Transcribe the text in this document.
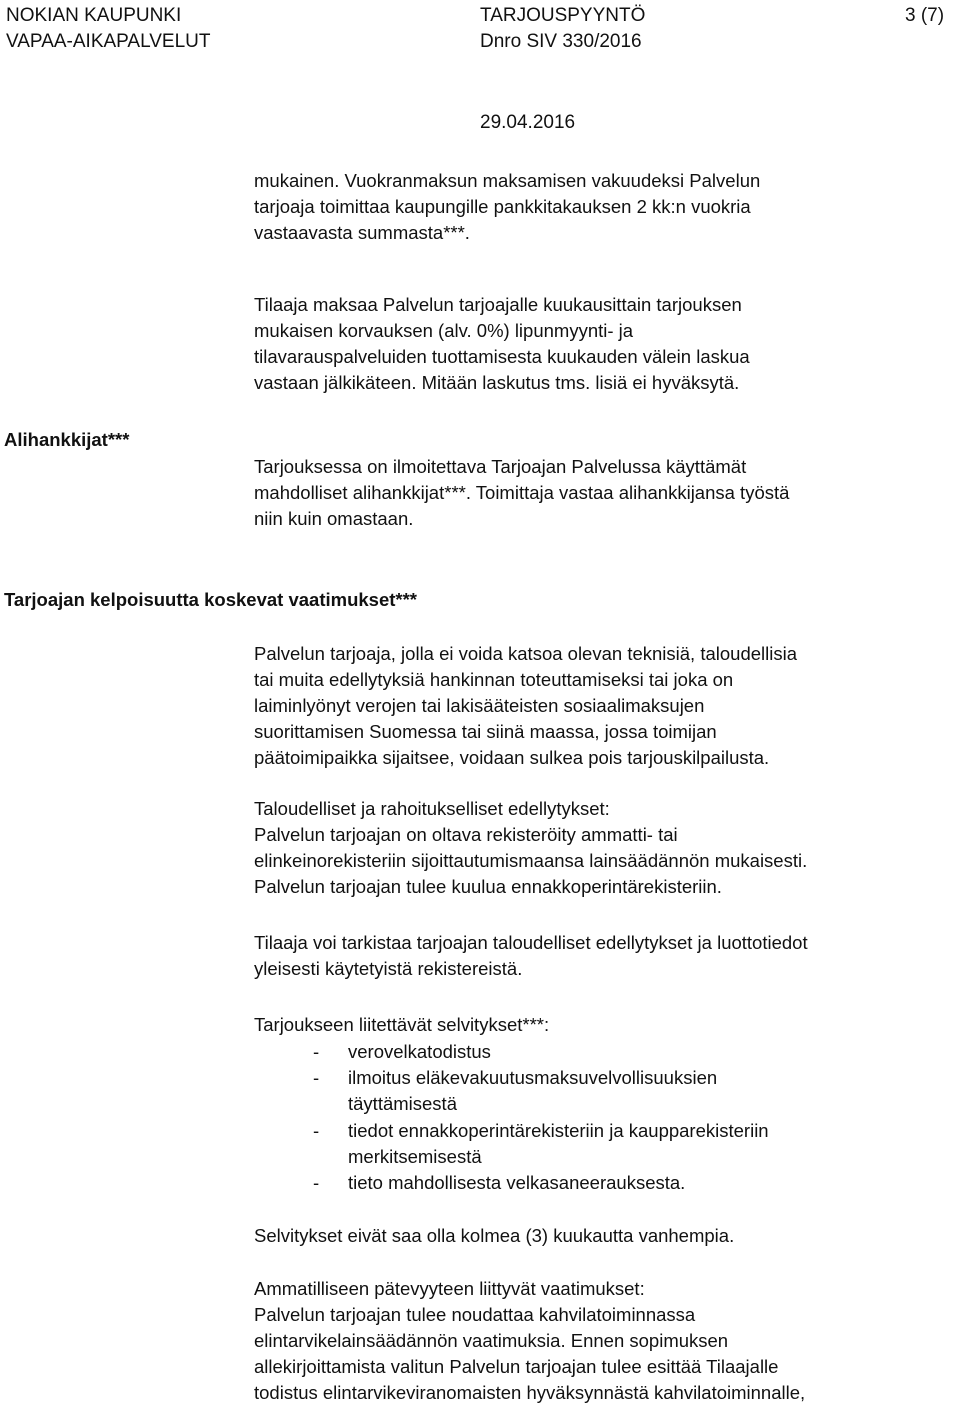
NOKIAN KAUPUNKI
VAPAA-AIKAPALVELUT
TARJOUSPYYNTÖ
Dnro SIV 330/2016
3 (7)
29.04.2016
mukainen. Vuokranmaksun maksamisen vakuudeksi Palvelun
tarjoaja toimittaa kaupungille pankkitakauksen 2 kk:n vuokria
vastaavasta summasta***.
Tilaaja maksaa Palvelun tarjoajalle kuukausittain tarjouksen
mukaisen korvauksen (alv. 0%) lipunmyynti- ja
tilavarauspalveluiden tuottamisesta kuukauden välein laskua
vastaan jälkikäteen. Mitään laskutus tms. lisiä ei hyväksytä.
Alihankkijat***
Tarjouksessa on ilmoitettava Tarjoajan Palvelussa käyttämät
mahdolliset alihankkijat***. Toimittaja vastaa alihankkijansa työstä
niin kuin omastaan.
Tarjoajan kelpoisuutta koskevat vaatimukset***
Palvelun tarjoaja, jolla ei voida katsoa olevan teknisiä, taloudellisia
tai muita edellytyksiä hankinnan toteuttamiseksi tai joka on
laiminlyönyt verojen tai lakisääteisten sosiaalimaksujen
suorittamisen Suomessa tai siinä maassa, jossa toimijan
päätoimipaikka sijaitsee, voidaan sulkea pois tarjouskilpailusta.
Taloudelliset ja rahoitukselliset edellytykset:
Palvelun tarjoajan on oltava rekisteröity ammatti- tai
elinkeinorekisteriin sijoittautumismaansa lainsäädännön mukaisesti.
Palvelun tarjoajan tulee kuulua ennakkoperintärekisteriin.
Tilaaja voi tarkistaa tarjoajan taloudelliset edellytykset ja luottotiedot
yleisesti käytetyistä rekistereistä.
Tarjoukseen liitettävät selvitykset***:
- verovelkatodistus
- ilmoitus eläkevakuutusmaksuvelvollisuuksien
täyttämisestä
- tiedot ennakkoperintärekisteriin ja kaupparekisteriin
merkitsemisestä
- tieto mahdollisesta velkasaneerauksesta.
Selvitykset eivät saa olla kolmea (3) kuukautta vanhempia.
Ammatilliseen pätevyyteen liittyvät vaatimukset:
Palvelun tarjoajan tulee noudattaa kahvilatoiminnassa
elintarvikelainsäädännön vaatimuksia. Ennen sopimuksen
allekirjoittamista valitun Palvelun tarjoajan tulee esittää Tilaajalle
todistus elintarvikeviranomaisten hyväksynnästä kahvilatoiminnalle,
